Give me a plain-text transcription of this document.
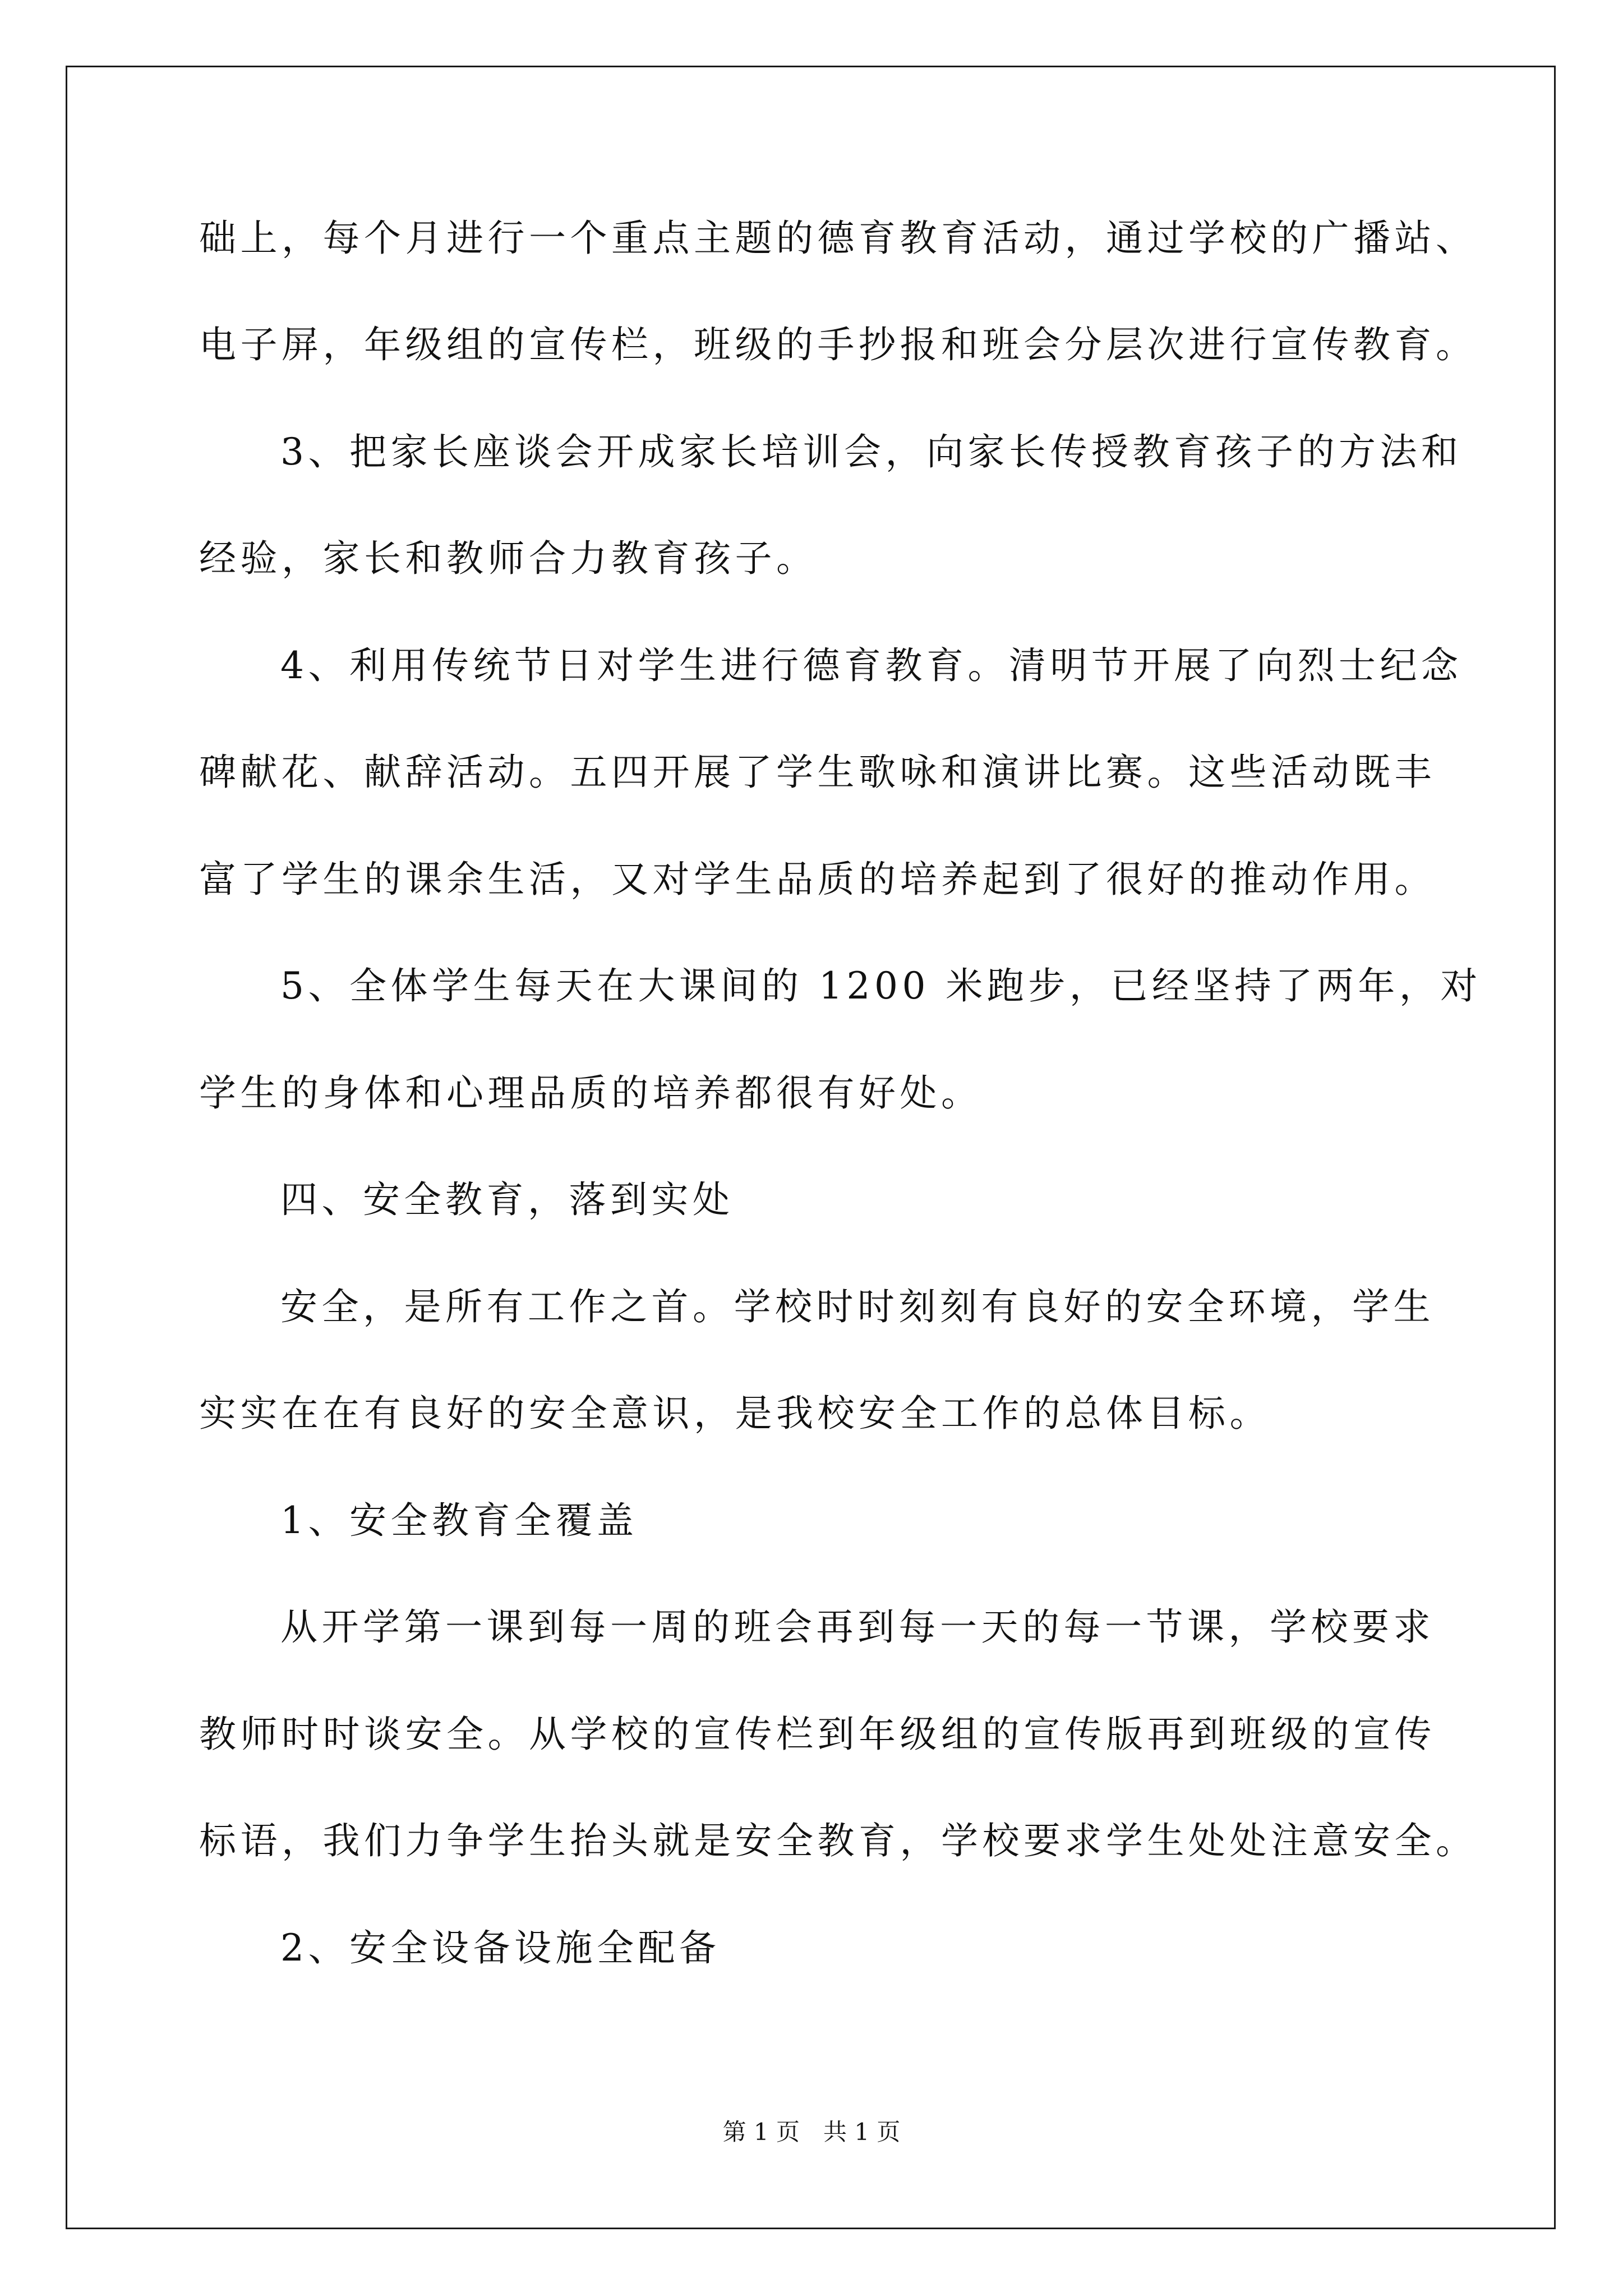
础上，每个月进行一个重点主题的德育教育活动，通过学校的广播站、
电子屏，年级组的宣传栏，班级的手抄报和班会分层次进行宣传教育。
3、把家长座谈会开成家长培训会，向家长传授教育孩子的方法和
经验，家长和教师合力教育孩子。
4、利用传统节日对学生进行德育教育。清明节开展了向烈士纪念
碑献花、献辞活动。五四开展了学生歌咏和演讲比赛。这些活动既丰
富了学生的课余生活，又对学生品质的培养起到了很好的推动作用。
5、全体学生每天在大课间的 1200 米跑步，已经坚持了两年，对
学生的身体和心理品质的培养都很有好处。
四、安全教育，落到实处
安全，是所有工作之首。学校时时刻刻有良好的安全环境，学生
实实在在有良好的安全意识，是我校安全工作的总体目标。
1、安全教育全覆盖
从开学第一课到每一周的班会再到每一天的每一节课，学校要求
教师时时谈安全。从学校的宣传栏到年级组的宣传版再到班级的宣传
标语，我们力争学生抬头就是安全教育，学校要求学生处处注意安全。
2、安全设备设施全配备
第 1 页　共 1 页
